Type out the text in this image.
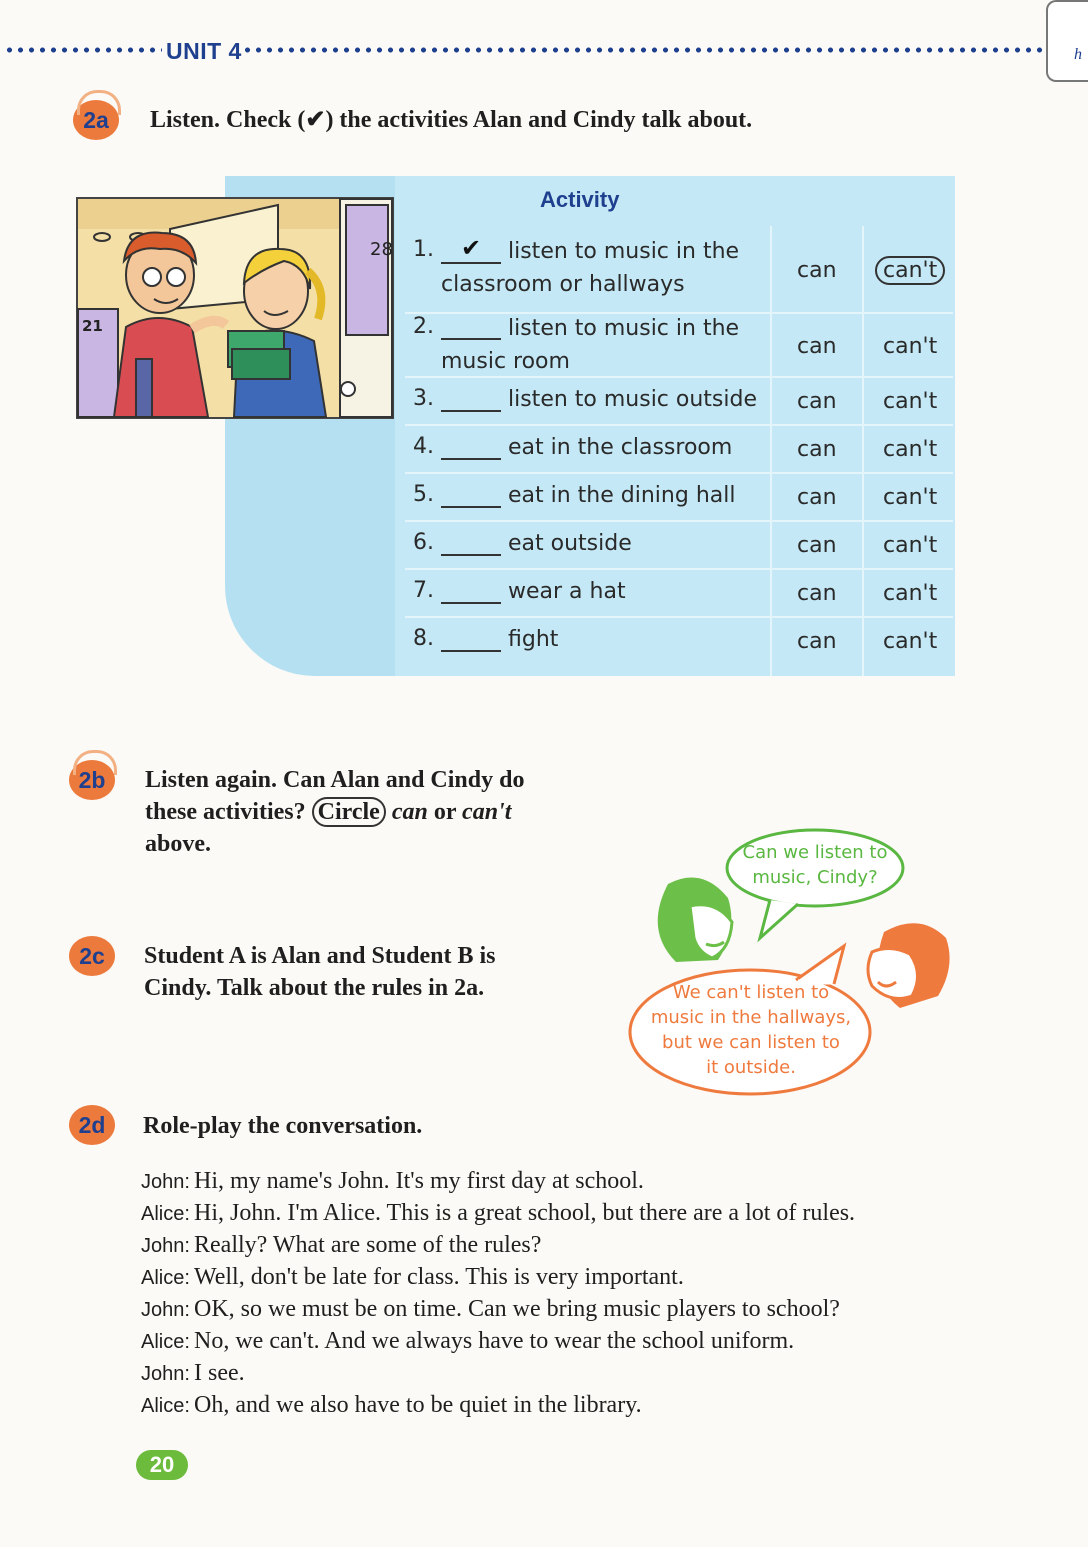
UNIT 4	h
2a	Listen. Check (✔) the activities Alan and Cindy talk about.
Activity
1. ✔	listen to music in the classroom or hallways
can can't
2.	listen to music in the music room
can can't
3.	listen to music outside can can't
4.	eat in the classroom	can can't
5.	eat in the dining hall	can can't
6.	eat outside	can can't
7.	wear a hat	can can't
8.	fight	can can't
28
21
2b	Listen again. Can Alan and Cindy do
these activities? Circle can or can't
above.
2c	Student A is Alan and Student B is
Cindy. Talk about the rules in 2a.
Can we listen to
music, Cindy?
We can't listen to
music in the hallways,
but we can listen to
it outside.
2d	Role-play the conversation.
John: Hi, my name's John. It's my first day at school.
Alice: Hi, John. I'm Alice. This is a great school, but there are a lot of rules.
John: Really? What are some of the rules?
Alice: Well, don't be late for class. This is very important.
John: OK, so we must be on time. Can we bring music players to school?
Alice: No, we can't. And we always have to wear the school uniform.
John: I see.
Alice: Oh, and we also have to be quiet in the library.
20
